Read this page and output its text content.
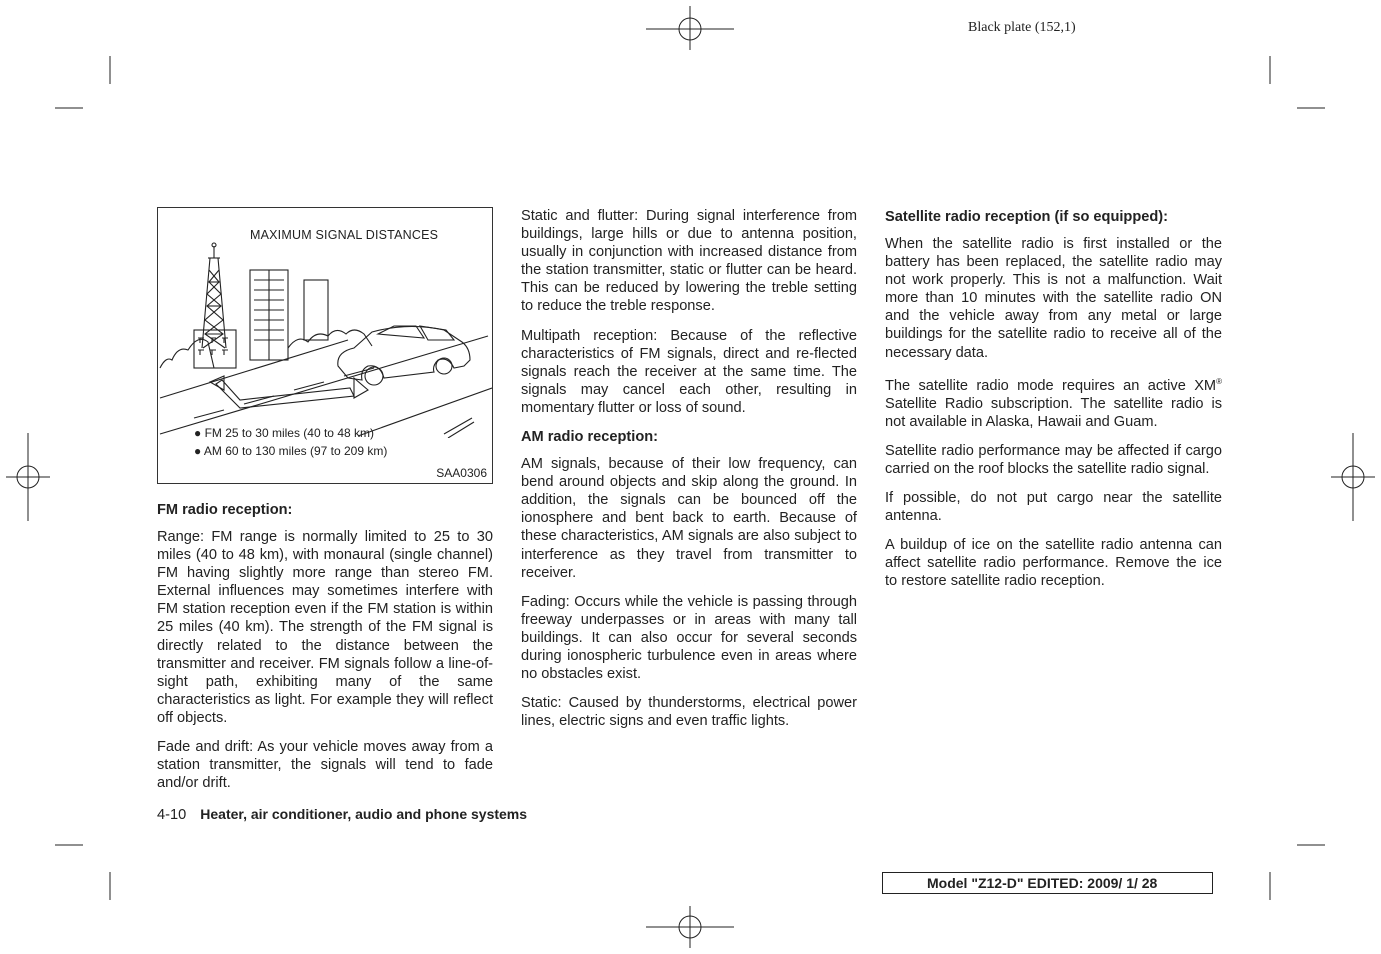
Black plate (152,1)
MAXIMUM SIGNAL DISTANCES
● FM 25 to 30 miles (40 to 48 km)
● AM 60 to 130 miles (97 to 209 km)
SAA0306
FM radio reception:

Range: FM range is normally limited to 25 to 30 miles (40 to 48 km), with monaural (single channel) FM having slightly more range than stereo FM. External influences may sometimes interfere with FM station reception even if the FM station is within 25 miles (40 km). The strength of the FM signal is directly related to the distance between the transmitter and receiver. FM signals follow a line-of-sight path, exhibiting many of the same characteristics as light. For example they will reflect off objects.

Fade and drift: As your vehicle moves away from a station transmitter, the signals will tend to fade and/or drift.

Static and flutter: During signal interference from buildings, large hills or due to antenna position, usually in conjunction with increased distance from the station transmitter, static or flutter can be heard. This can be reduced by lowering the treble setting to reduce the treble response.

Multipath reception: Because of the reflective characteristics of FM signals, direct and re-flected signals reach the receiver at the same time. The signals may cancel each other, resulting in momentary flutter or loss of sound.

AM radio reception:

AM signals, because of their low frequency, can bend around objects and skip along the ground. In addition, the signals can be bounced off the ionosphere and bent back to earth. Because of these characteristics, AM signals are also subject to interference as they travel from transmitter to receiver.

Fading: Occurs while the vehicle is passing through freeway underpasses or in areas with many tall buildings. It can also occur for several seconds during ionospheric turbulence even in areas where no obstacles exist.

Static: Caused by thunderstorms, electrical power lines, electric signs and even traffic lights.

Satellite radio reception (if so equipped):

When the satellite radio is first installed or the battery has been replaced, the satellite radio may not work properly. This is not a malfunction. Wait more than 10 minutes with the satellite radio ON and the vehicle away from any metal or large buildings for the satellite radio to receive all of the necessary data.

The satellite radio mode requires an active XM® Satellite Radio subscription. The satellite radio is not available in Alaska, Hawaii and Guam.

Satellite radio performance may be affected if cargo carried on the roof blocks the satellite radio signal.

If possible, do not put cargo near the satellite antenna.

A buildup of ice on the satellite radio antenna can affect satellite radio performance. Remove the ice to restore satellite radio reception.

4-10 Heater, air conditioner, audio and phone systems
Model "Z12-D" EDITED: 2009/ 1/ 28
